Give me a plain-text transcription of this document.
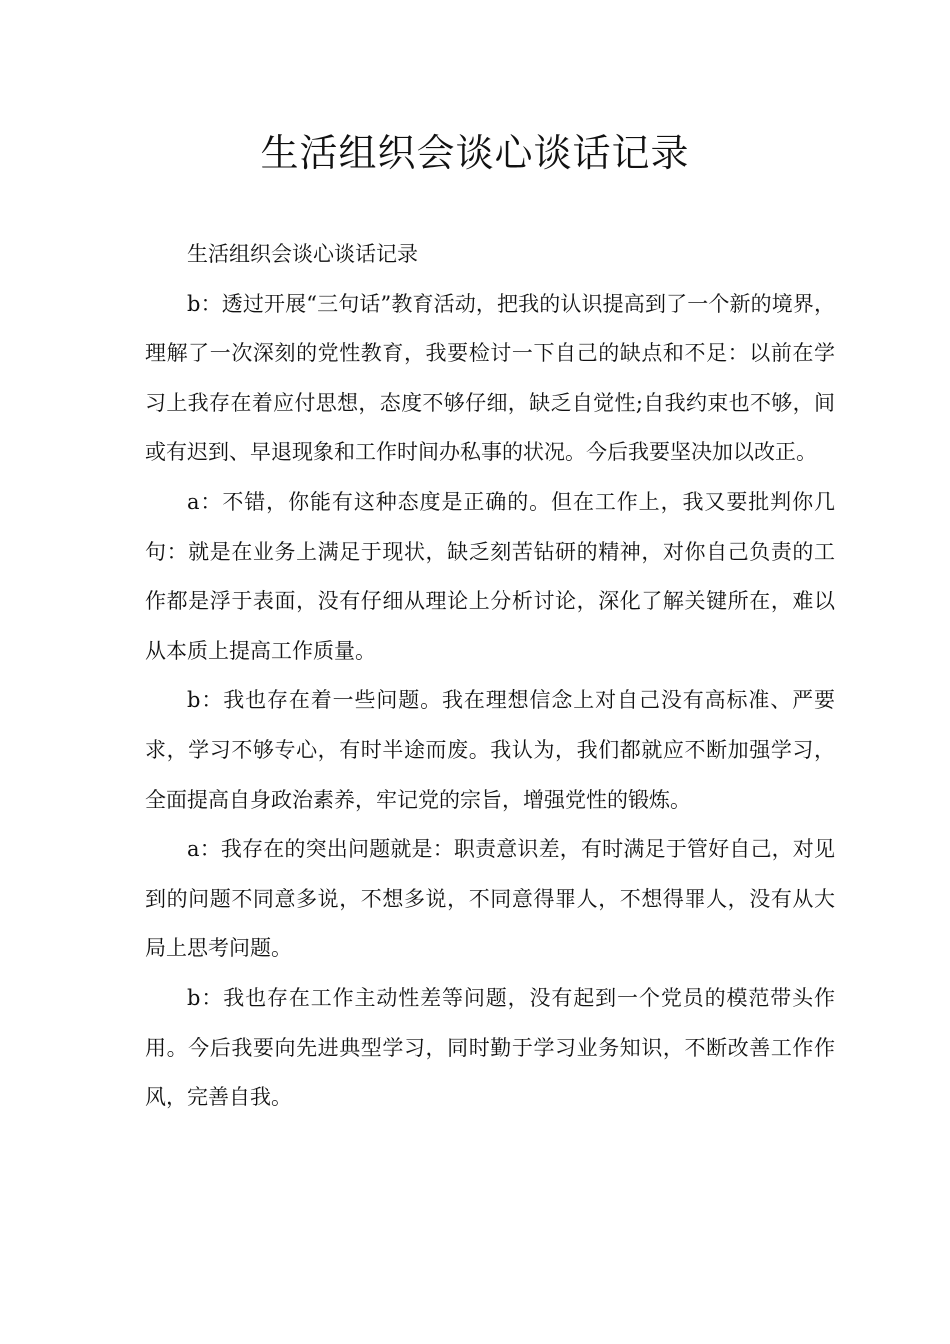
生活组织会谈心谈话记录

生活组织会谈心谈话记录

b：透过开展“三句话”教育活动，把我的认识提高到了一个新的境界，理解了一次深刻的党性教育，我要检讨一下自己的缺点和不足：以前在学习上我存在着应付思想，态度不够仔细，缺乏自觉性;自我约束也不够，间或有迟到、早退现象和工作时间办私事的状况。今后我要坚决加以改正。

a：不错，你能有这种态度是正确的。但在工作上，我又要批判你几句：就是在业务上满足于现状，缺乏刻苦钻研的精神，对你自己负责的工作都是浮于表面，没有仔细从理论上分析讨论，深化了解关键所在，难以从本质上提高工作质量。

b：我也存在着一些问题。我在理想信念上对自己没有高标准、严要求，学习不够专心，有时半途而废。我认为，我们都就应不断加强学习，全面提高自身政治素养，牢记党的宗旨，增强党性的锻炼。

a：我存在的突出问题就是：职责意识差，有时满足于管好自己，对见到的问题不同意多说，不想多说，不同意得罪人，不想得罪人，没有从大局上思考问题。

b：我也存在工作主动性差等问题，没有起到一个党员的模范带头作用。今后我要向先进典型学习，同时勤于学习业务知识，不断改善工作作风，完善自我。
